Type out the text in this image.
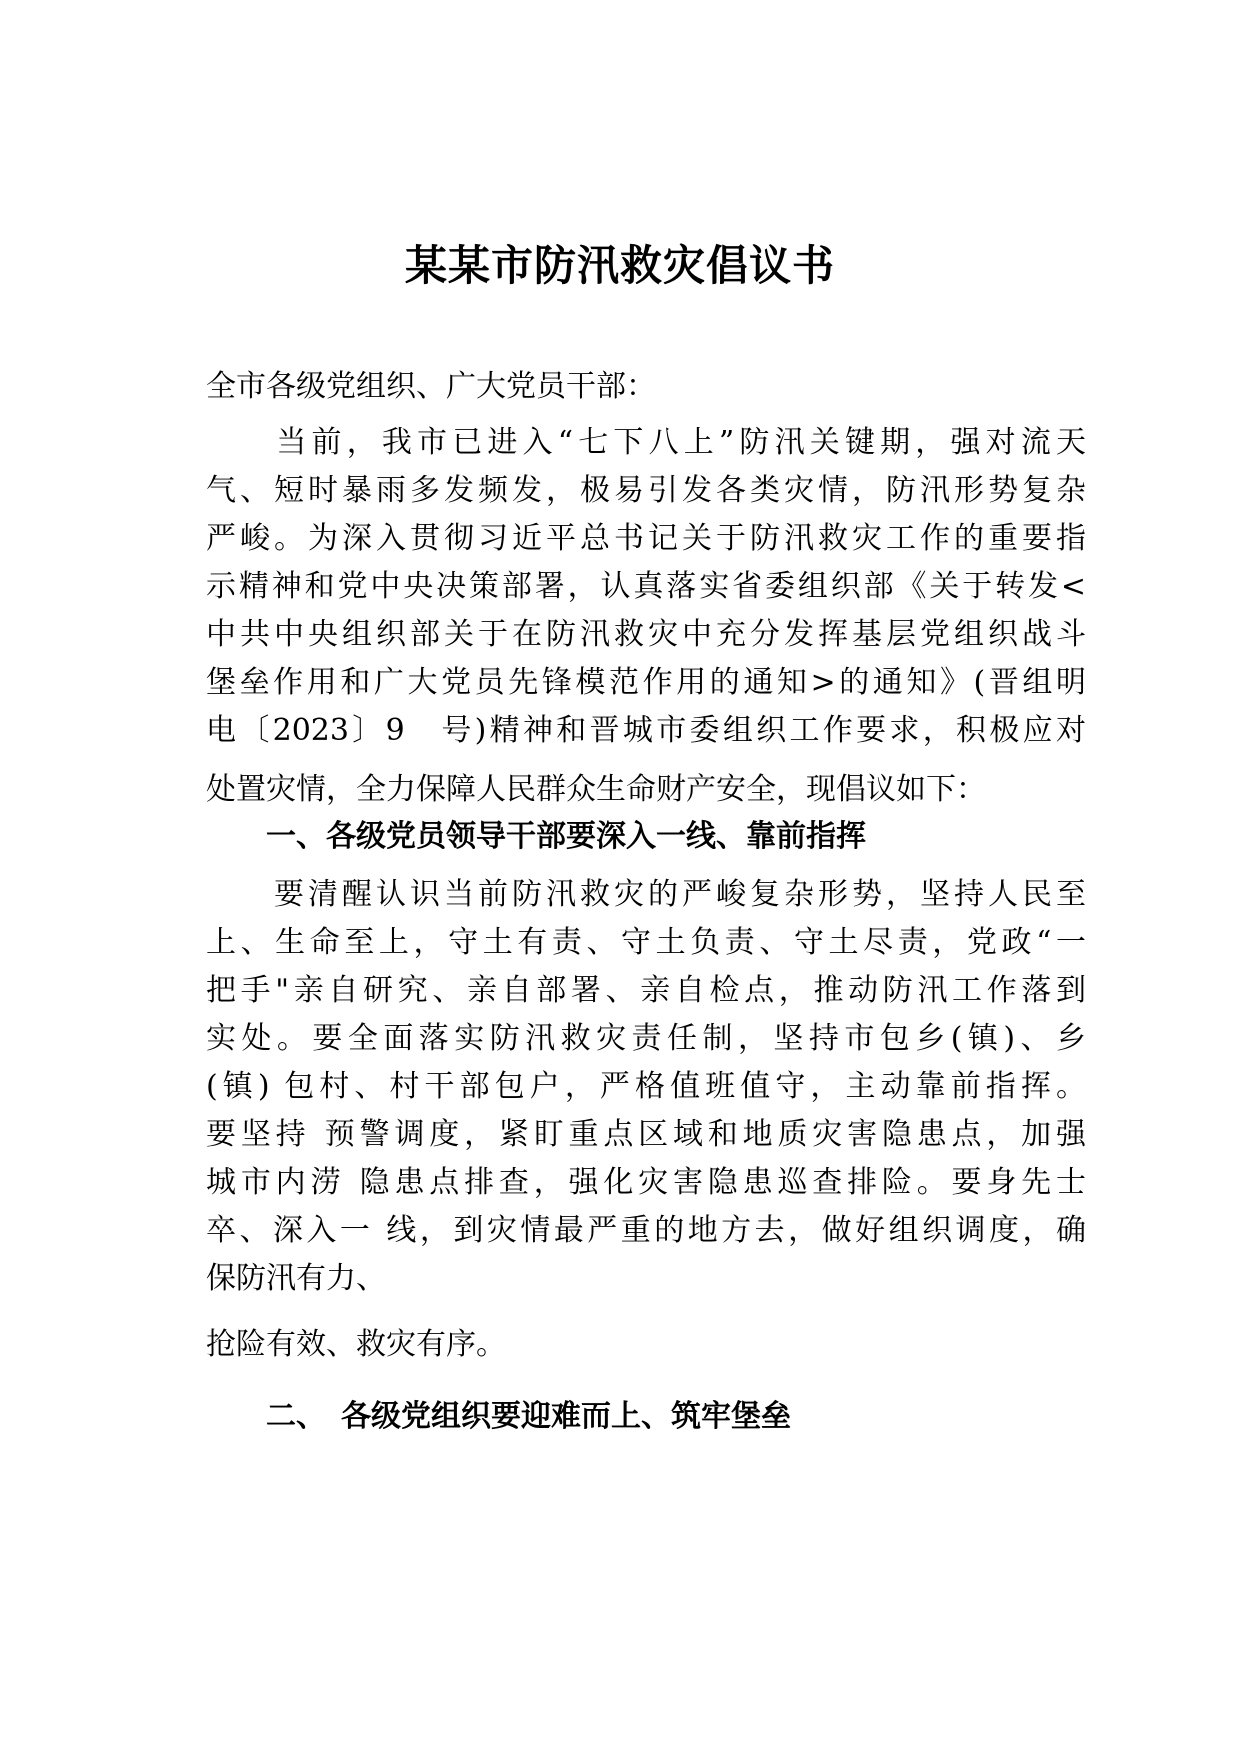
某某市防汛救灾倡议书

全市各级党组织、广大党员干部：

　　当前，我市已进入“七下八上”防汛关键期，强对流天

气、短时暴雨多发频发，极易引发各类灾情，防汛形势复杂

严峻。为深入贯彻习近平总书记关于防汛救灾工作的重要指

示精神和党中央决策部署，认真落实省委组织部《关于转发<

中共中央组织部关于在防汛救灾中充分发挥基层党组织战斗

堡垒作用和广大党员先锋模范作用的通知>的通知》(晋组明

电〔2023〕9　号)精神和晋城市委组织工作要求，积极应对

处置灾情，全力保障人民群众生命财产安全，现倡议如下：

一、各级党员领导干部要深入一线、靠前指挥

　　要清醒认识当前防汛救灾的严峻复杂形势，坚持人民至

上、生命至上，守土有责、守土负责、守土尽责，党政“一

把手"亲自研究、亲自部署、亲自检点，推动防汛工作落到

实处。要全面落实防汛救灾责任制，坚持市包乡(镇)、乡

(镇) 包村、村干部包户，严格值班值守，主动靠前指挥。

要坚持 预警调度，紧盯重点区域和地质灾害隐患点，加强

城市内涝 隐患点排查，强化灾害隐患巡查排险。要身先士

卒、深入一 线，到灾情最严重的地方去，做好组织调度，确

保防汛有力、

抢险有效、救灾有序。

二、　各级党组织要迎难而上、筑牢堡垒
